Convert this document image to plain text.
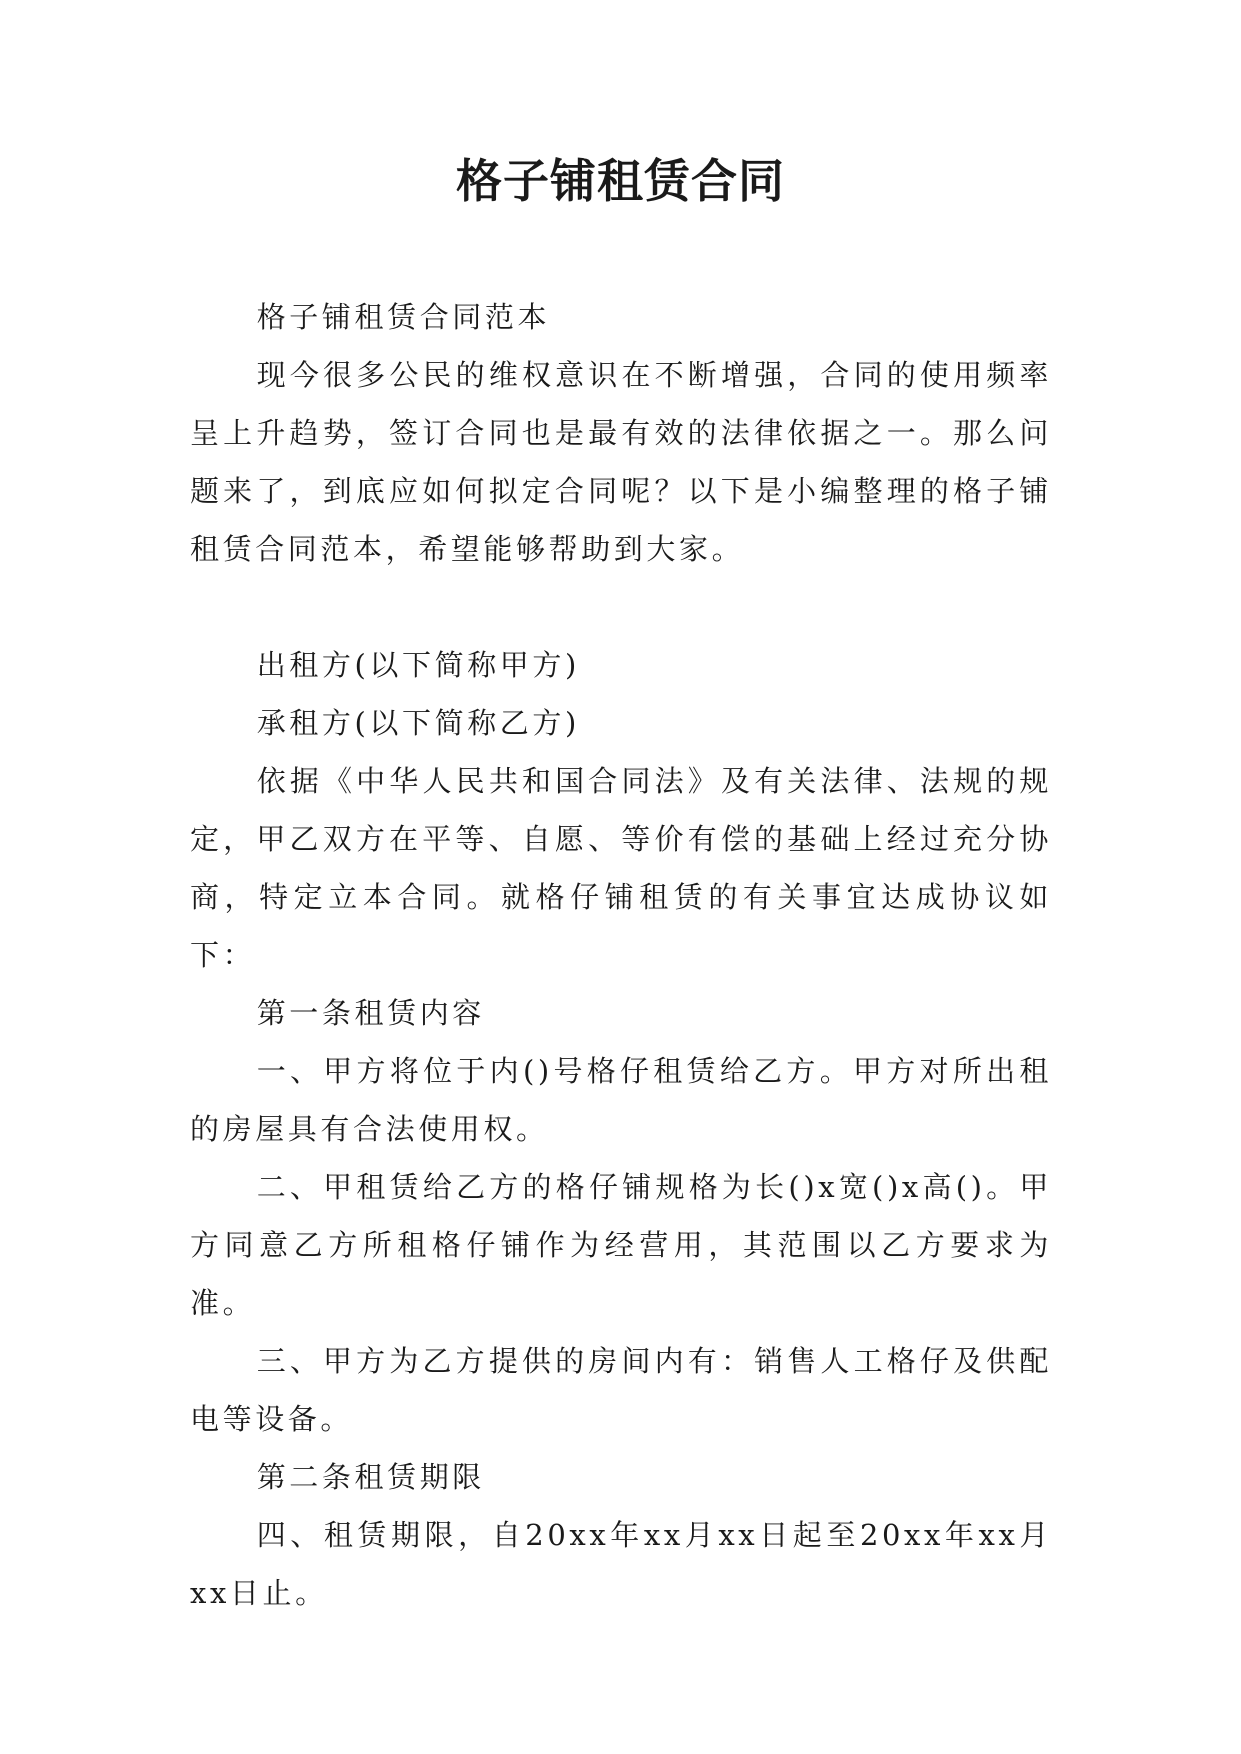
格子铺租赁合同

格子铺租赁合同范本

现今很多公民的维权意识在不断增强，合同的使用频率呈上升趋势，签订合同也是最有效的法律依据之一。那么问题来了，到底应如何拟定合同呢？以下是小编整理的格子铺租赁合同范本，希望能够帮助到大家。

出租方(以下简称甲方)

承租方(以下简称乙方)

依据《中华人民共和国合同法》及有关法律、法规的规定，甲乙双方在平等、自愿、等价有偿的基础上经过充分协商，特定立本合同。就格仔铺租赁的有关事宜达成协议如下：

第一条租赁内容

一、甲方将位于内()号格仔租赁给乙方。甲方对所出租的房屋具有合法使用权。

二、甲租赁给乙方的格仔铺规格为长()x宽()x高()。甲方同意乙方所租格仔铺作为经营用，其范围以乙方要求为准。

三、甲方为乙方提供的房间内有：销售人工格仔及供配电等设备。

第二条租赁期限

四、租赁期限，自20xx年xx月xx日起至20xx年xx月xx日止。
